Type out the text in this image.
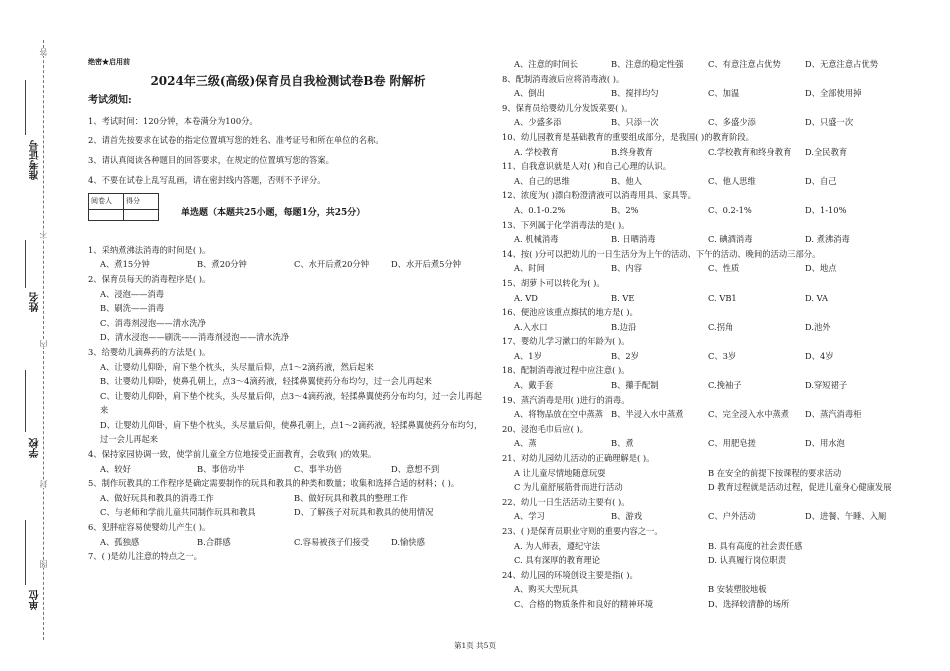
答
不
内
封
图
准考证号
姓名
学校
单位
绝密★启用前
2024年三级(高级)保育员自我检测试卷B卷 附解析
考试须知:
1、考试时间：120分钟，本卷满分为100分。
2、请首先按要求在试卷的指定位置填写您的姓名、准考证号和所在单位的名称。
3、请认真阅读各种题目的回答要求，在规定的位置填写您的答案。
4、不要在试卷上乱写乱画，请在密封线内答题，否则不予评分。
阅卷人	得分

单选题（本题共25小题，每题1分，共25分）
1、采纳煮沸法消毒的时间是( )。
A、煮15分钟	B、煮20分钟	C、水开后煮20分钟	D、水开后煮5分钟
2、保育员每天的消毒程序是( )。
A、浸泡——消毒
B、刷洗——消毒
C、消毒剂浸泡——清水洗净
D、清水浸泡——刷洗——消毒剂浸泡——清水洗净
3、给婴幼儿滴鼻药的方法是( )。
A、让婴幼儿仰卧，肩下垫个枕头，头尽量后仰，点1～2滴药液，然后起来
B、让婴幼儿仰卧，使鼻孔朝上，点3～4滴药液，轻揉鼻翼使药分布均匀，过一会儿再起来
C、让婴幼儿仰卧，肩下垫个枕头，头尽量后仰，点3～4滴药液，轻揉鼻翼使药分布均匀，过一会儿再起来
D、让婴幼儿仰卧，肩下垫个枕头，头尽量后仰，使鼻孔朝上，点1～2滴药液，轻揉鼻翼使药分布均匀，过一会儿再起来
4、保持家园协调一致，使学前儿童全方位地接受正面教育，会收到( )的效果。
A、较好	B、事倍功半	C、事半功倍	D、意想不到
5、制作玩教具的工作程序是确定需要制作的玩具和教具的种类和数量；收集和选择合适的材料；( )。
A、做好玩具和教具的消毒工作	B、做好玩具和教具的整理工作
C、与老师和学前儿童共同制作玩具和教具	D、了解孩子对玩具和教具的使用情况
6、犯胖症容易使婴幼儿产生( )。
A、孤独感	B.合群感	C.容易被孩子们接受	D.愉快感
7、( )是幼儿注意的特点之一。
A、注意的时间长	B、注意的稳定性强	C、有意注意占优势	D、无意注意占优势
8、配制消毒液后应将消毒液( )。
A、倒出	B、搅拌均匀	C、加温	D、全部使用掉
9、保育员给婴幼儿分发饭菜要( )。
A、少盛多添	B、只添一次	C、多盛少添	D、只盛一次
10、幼儿园教育是基础教育的重要组成部分，是我国( )的教育阶段。
A. 学校教育	B.终身教育	C.学校教育和终身教育	D.全民教育
11、自我意识就是人对( )和自己心理的认识。
A、自己的思维	B、他人	C、他人思维	D、自己
12、浓度为( )漂白粉澄清液可以消毒用具、家具等。
A、0.1-0.2%	B、2%	C、0.2-1%	D、1-10%
13、下列属于化学消毒法的是( )。
A. 机械消毒	B. 日晒消毒	C. 碘酒消毒	D. 煮沸消毒
14、按( )分可以把幼儿的一日生活分为上午的活动、下午的活动、晚间的活动三部分。
A、时间	B、内容	C、性质	D、地点
15、胡萝卜可以转化为( )。
A. VD	B. VE	C. VB1	D. VA
16、便池应该重点擦拭的地方是( )。
A.入水口	B.边沿	C.拐角	D.池外
17、婴幼儿学习漱口的年龄为( )。
A、1岁	B、2岁	C、3岁	D、4岁
18、配制消毒液过程中应注意( )。
A、戴手套	B、攥手配制	C.挽袖子	D.穿短裙子
19、蒸汽消毒是用( )进行的消毒。
A、将物品放在空中蒸蒸 B、半浸入水中蒸煮	C、完全浸入水中蒸煮	D、蒸汽消毒柜
20、浸泡毛巾后应( )。
A、蒸	B、煮	C、用肥皂搓	D、用水泡
21、对幼儿园幼儿活动的正确理解是( )。
A 让儿童尽情地随意玩耍	B 在安全的前提下按课程的要求活动
C 为儿童舒展筋骨而进行活动	D 教育过程就是活动过程，促进儿童身心健康发展
22、幼儿一日生活活动主要有( )。
A、学习	B、游戏	C、户外活动	D、进餐、午睡、入厕
23、( )是保育员职业守则的重要内容之一。
A. 为人师表，遵纪守法	B. 具有高度的社会责任感
C. 具有深厚的教育理论	D. 认真履行岗位职责
24、幼儿园的环境创设主要是指( )。
A、购买大型玩具	B 安装塑胶地板
C、合格的物质条件和良好的精神环境	D、选择较清静的场所
第1页 共5页
